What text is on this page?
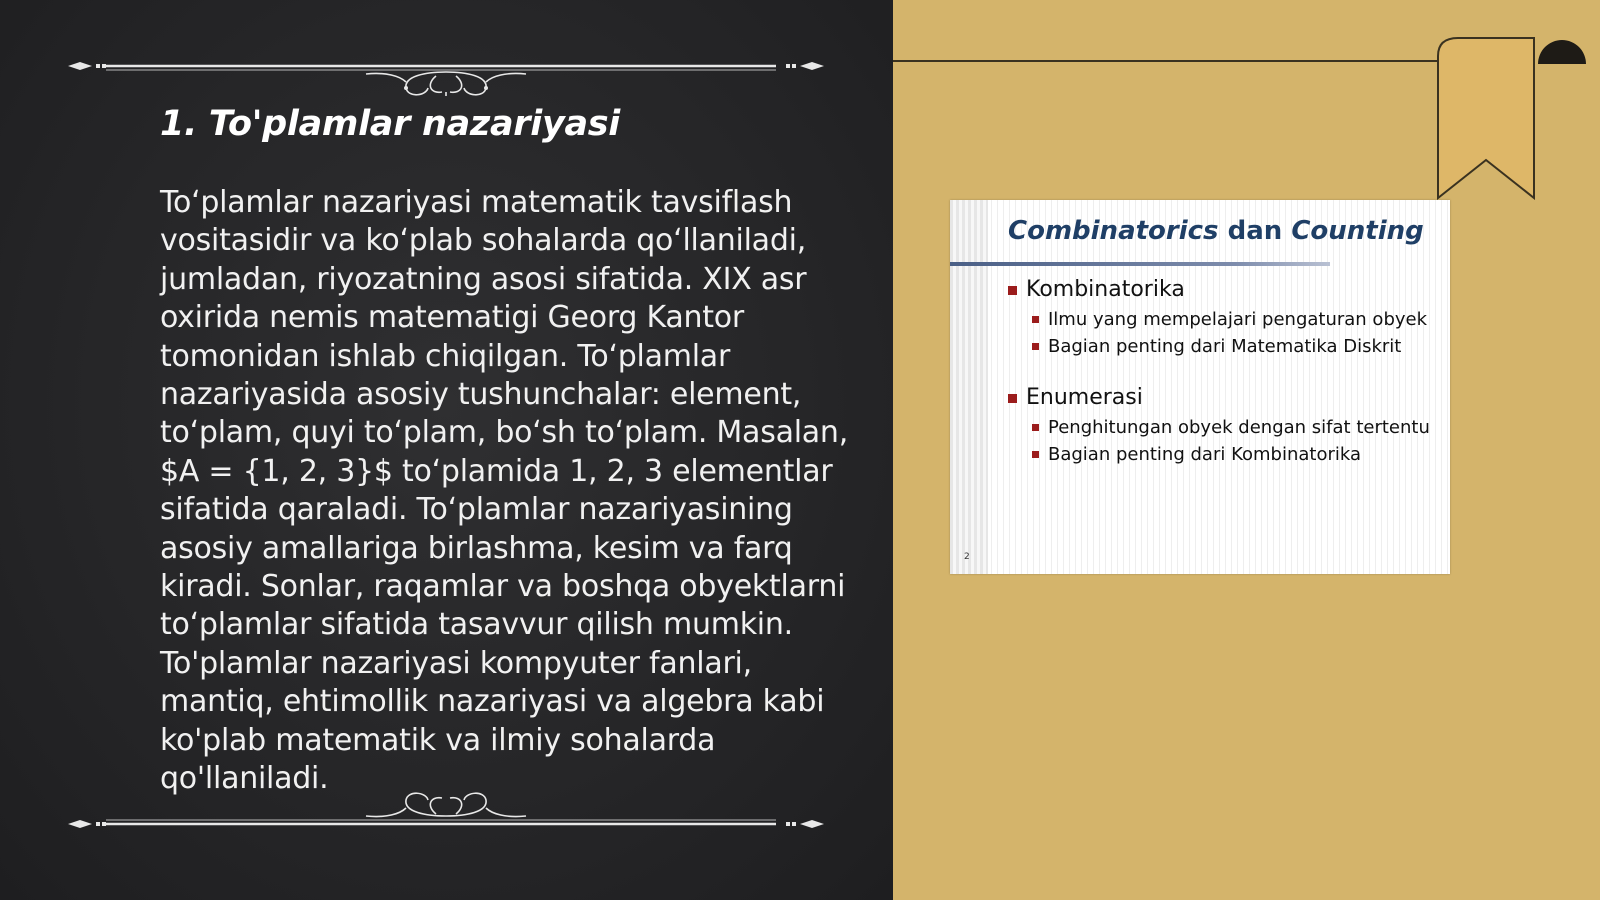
1. To'plamlar nazariyasi

To‘plamlar nazariyasi matematik tavsiflash vositasidir va ko‘plab sohalarda qo‘llaniladi, jumladan, riyozatning asosi sifatida. XIX asr oxirida nemis matematigi Georg Kantor tomonidan ishlab chiqilgan. To‘plamlar nazariyasida asosiy tushunchalar: element, to‘plam, quyi to‘plam, bo‘sh to‘plam. Masalan, $A = {1, 2, 3}$ to‘plamida 1, 2, 3 elementlar sifatida qaraladi. To‘plamlar nazariyasining asosiy amallariga birlashma, kesim va farq kiradi. Sonlar, raqamlar va boshqa obyektlarni to‘plamlar sifatida tasavvur qilish mumkin. To'plamlar nazariyasi kompyuter fanlari, mantiq, ehtimollik nazariyasi va algebra kabi ko'plab matematik va ilmiy sohalarda qo'llaniladi.

Combinatorics dan Counting
Kombinatorika
Ilmu yang mempelajari pengaturan obyek
Bagian penting dari Matematika Diskrit
Enumerasi
Penghitungan obyek dengan sifat tertentu
Bagian penting dari Kombinatorika
2
